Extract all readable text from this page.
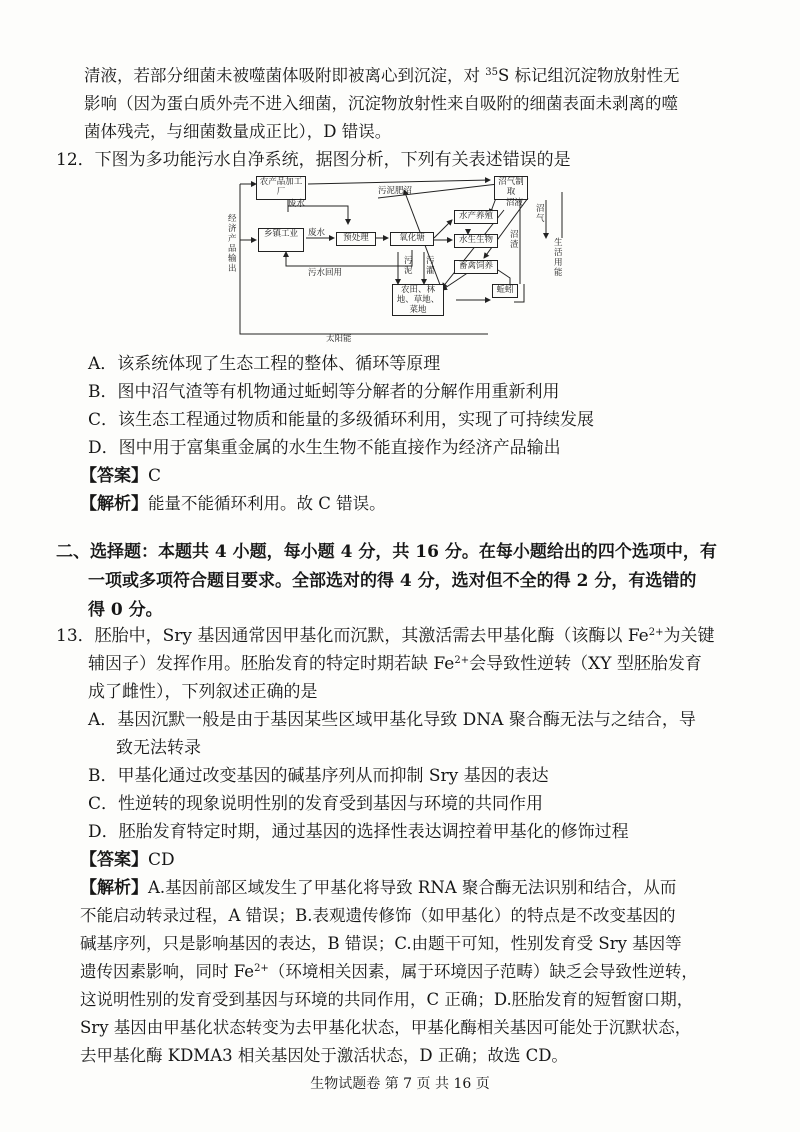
清液，若部分细菌未被噬菌体吸附即被离心到沉淀，对 $^{35}$S 标记组沉淀物放射性无
影响（因为蛋白质外壳不进入细菌，沉淀物放射性来自吸附的细菌表面未剥离的噬
菌体残壳，与细菌数量成正比），D 错误。
12．下图为多功能污水自净系统，据图分析，下列有关表述错误的是
经济产品输出
农产品加工厂
乡镇工业	预处理	氧化塘
水产养殖
水生生物
畜禽饲养
农田、林地、草地、菜地
沼气制取
蚯蚓
废水
废水
污泥肥沼
污水回用
污泥
污灌
沼液
沼渣
沼气
生活用能
太阳能
A．该系统体现了生态工程的整体、循环等原理
B．图中沼气渣等有机物通过蚯蚓等分解者的分解作用重新利用
C．该生态工程通过物质和能量的多级循环利用，实现了可持续发展
D．图中用于富集重金属的水生生物不能直接作为经济产品输出
【答案】C
【解析】能量不能循环利用。故 C 错误。
二、选择题：本题共 4 小题，每小题 4 分，共 16 分。在每小题给出的四个选项中，有
一项或多项符合题目要求。全部选对的得 4 分，选对但不全的得 2 分，有选错的
得 0 分。
13．胚胎中，Sry 基因通常因甲基化而沉默，其激活需去甲基化酶（该酶以 $Fe^{2+}$为关键
辅因子）发挥作用。胚胎发育的特定时期若缺 $Fe^{2+}$会导致性逆转（XY 型胚胎发育
成了雌性），下列叙述正确的是
A．基因沉默一般是由于基因某些区域甲基化导致 DNA 聚合酶无法与之结合，导
致无法转录
B．甲基化通过改变基因的碱基序列从而抑制 Sry 基因的表达
C．性逆转的现象说明性别的发育受到基因与环境的共同作用
D．胚胎发育特定时期，通过基因的选择性表达调控着甲基化的修饰过程
【答案】CD
【解析】A.基因前部区域发生了甲基化将导致 RNA 聚合酶无法识别和结合，从而
不能启动转录过程，A 错误；B.表观遗传修饰（如甲基化）的特点是不改变基因的
碱基序列，只是影响基因的表达，B 错误；C.由题干可知，性别发育受 Sry 基因等
遗传因素影响，同时 $Fe^{2+}$（环境相关因素，属于环境因子范畴）缺乏会导致性逆转，
这说明性别的发育受到基因与环境的共同作用，C 正确；D.胚胎发育的短暂窗口期，
Sry 基因由甲基化状态转变为去甲基化状态，甲基化酶相关基因可能处于沉默状态，
去甲基化酶 KDMA3 相关基因处于激活状态，D 正确；故选 CD。
生物试题卷 第 7 页 共 16 页
